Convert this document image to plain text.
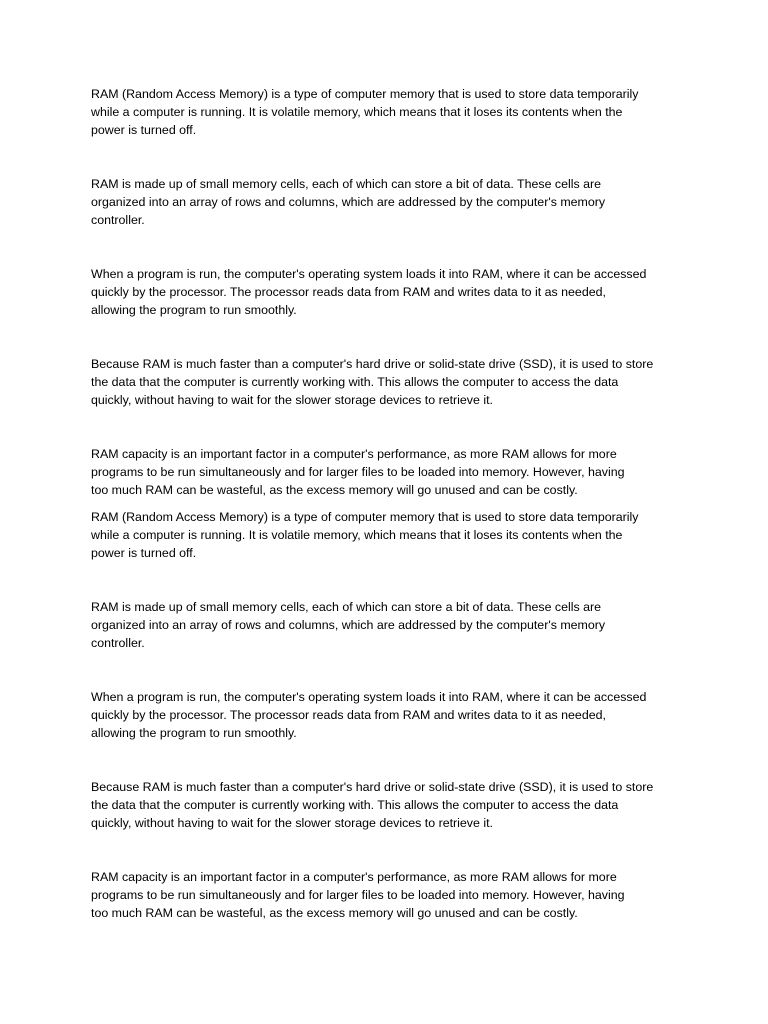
RAM (Random Access Memory) is a type of computer memory that is used to store data temporarily
while a computer is running. It is volatile memory, which means that it loses its contents when the
power is turned off.

RAM is made up of small memory cells, each of which can store a bit of data. These cells are
organized into an array of rows and columns, which are addressed by the computer's memory
controller.

When a program is run, the computer's operating system loads it into RAM, where it can be accessed
quickly by the processor. The processor reads data from RAM and writes data to it as needed,
allowing the program to run smoothly.

Because RAM is much faster than a computer's hard drive or solid-state drive (SSD), it is used to store
the data that the computer is currently working with. This allows the computer to access the data
quickly, without having to wait for the slower storage devices to retrieve it.

RAM capacity is an important factor in a computer's performance, as more RAM allows for more
programs to be run simultaneously and for larger files to be loaded into memory. However, having
too much RAM can be wasteful, as the excess memory will go unused and can be costly.

RAM (Random Access Memory) is a type of computer memory that is used to store data temporarily
while a computer is running. It is volatile memory, which means that it loses its contents when the
power is turned off.

RAM is made up of small memory cells, each of which can store a bit of data. These cells are
organized into an array of rows and columns, which are addressed by the computer's memory
controller.

When a program is run, the computer's operating system loads it into RAM, where it can be accessed
quickly by the processor. The processor reads data from RAM and writes data to it as needed,
allowing the program to run smoothly.

Because RAM is much faster than a computer's hard drive or solid-state drive (SSD), it is used to store
the data that the computer is currently working with. This allows the computer to access the data
quickly, without having to wait for the slower storage devices to retrieve it.

RAM capacity is an important factor in a computer's performance, as more RAM allows for more
programs to be run simultaneously and for larger files to be loaded into memory. However, having
too much RAM can be wasteful, as the excess memory will go unused and can be costly.
